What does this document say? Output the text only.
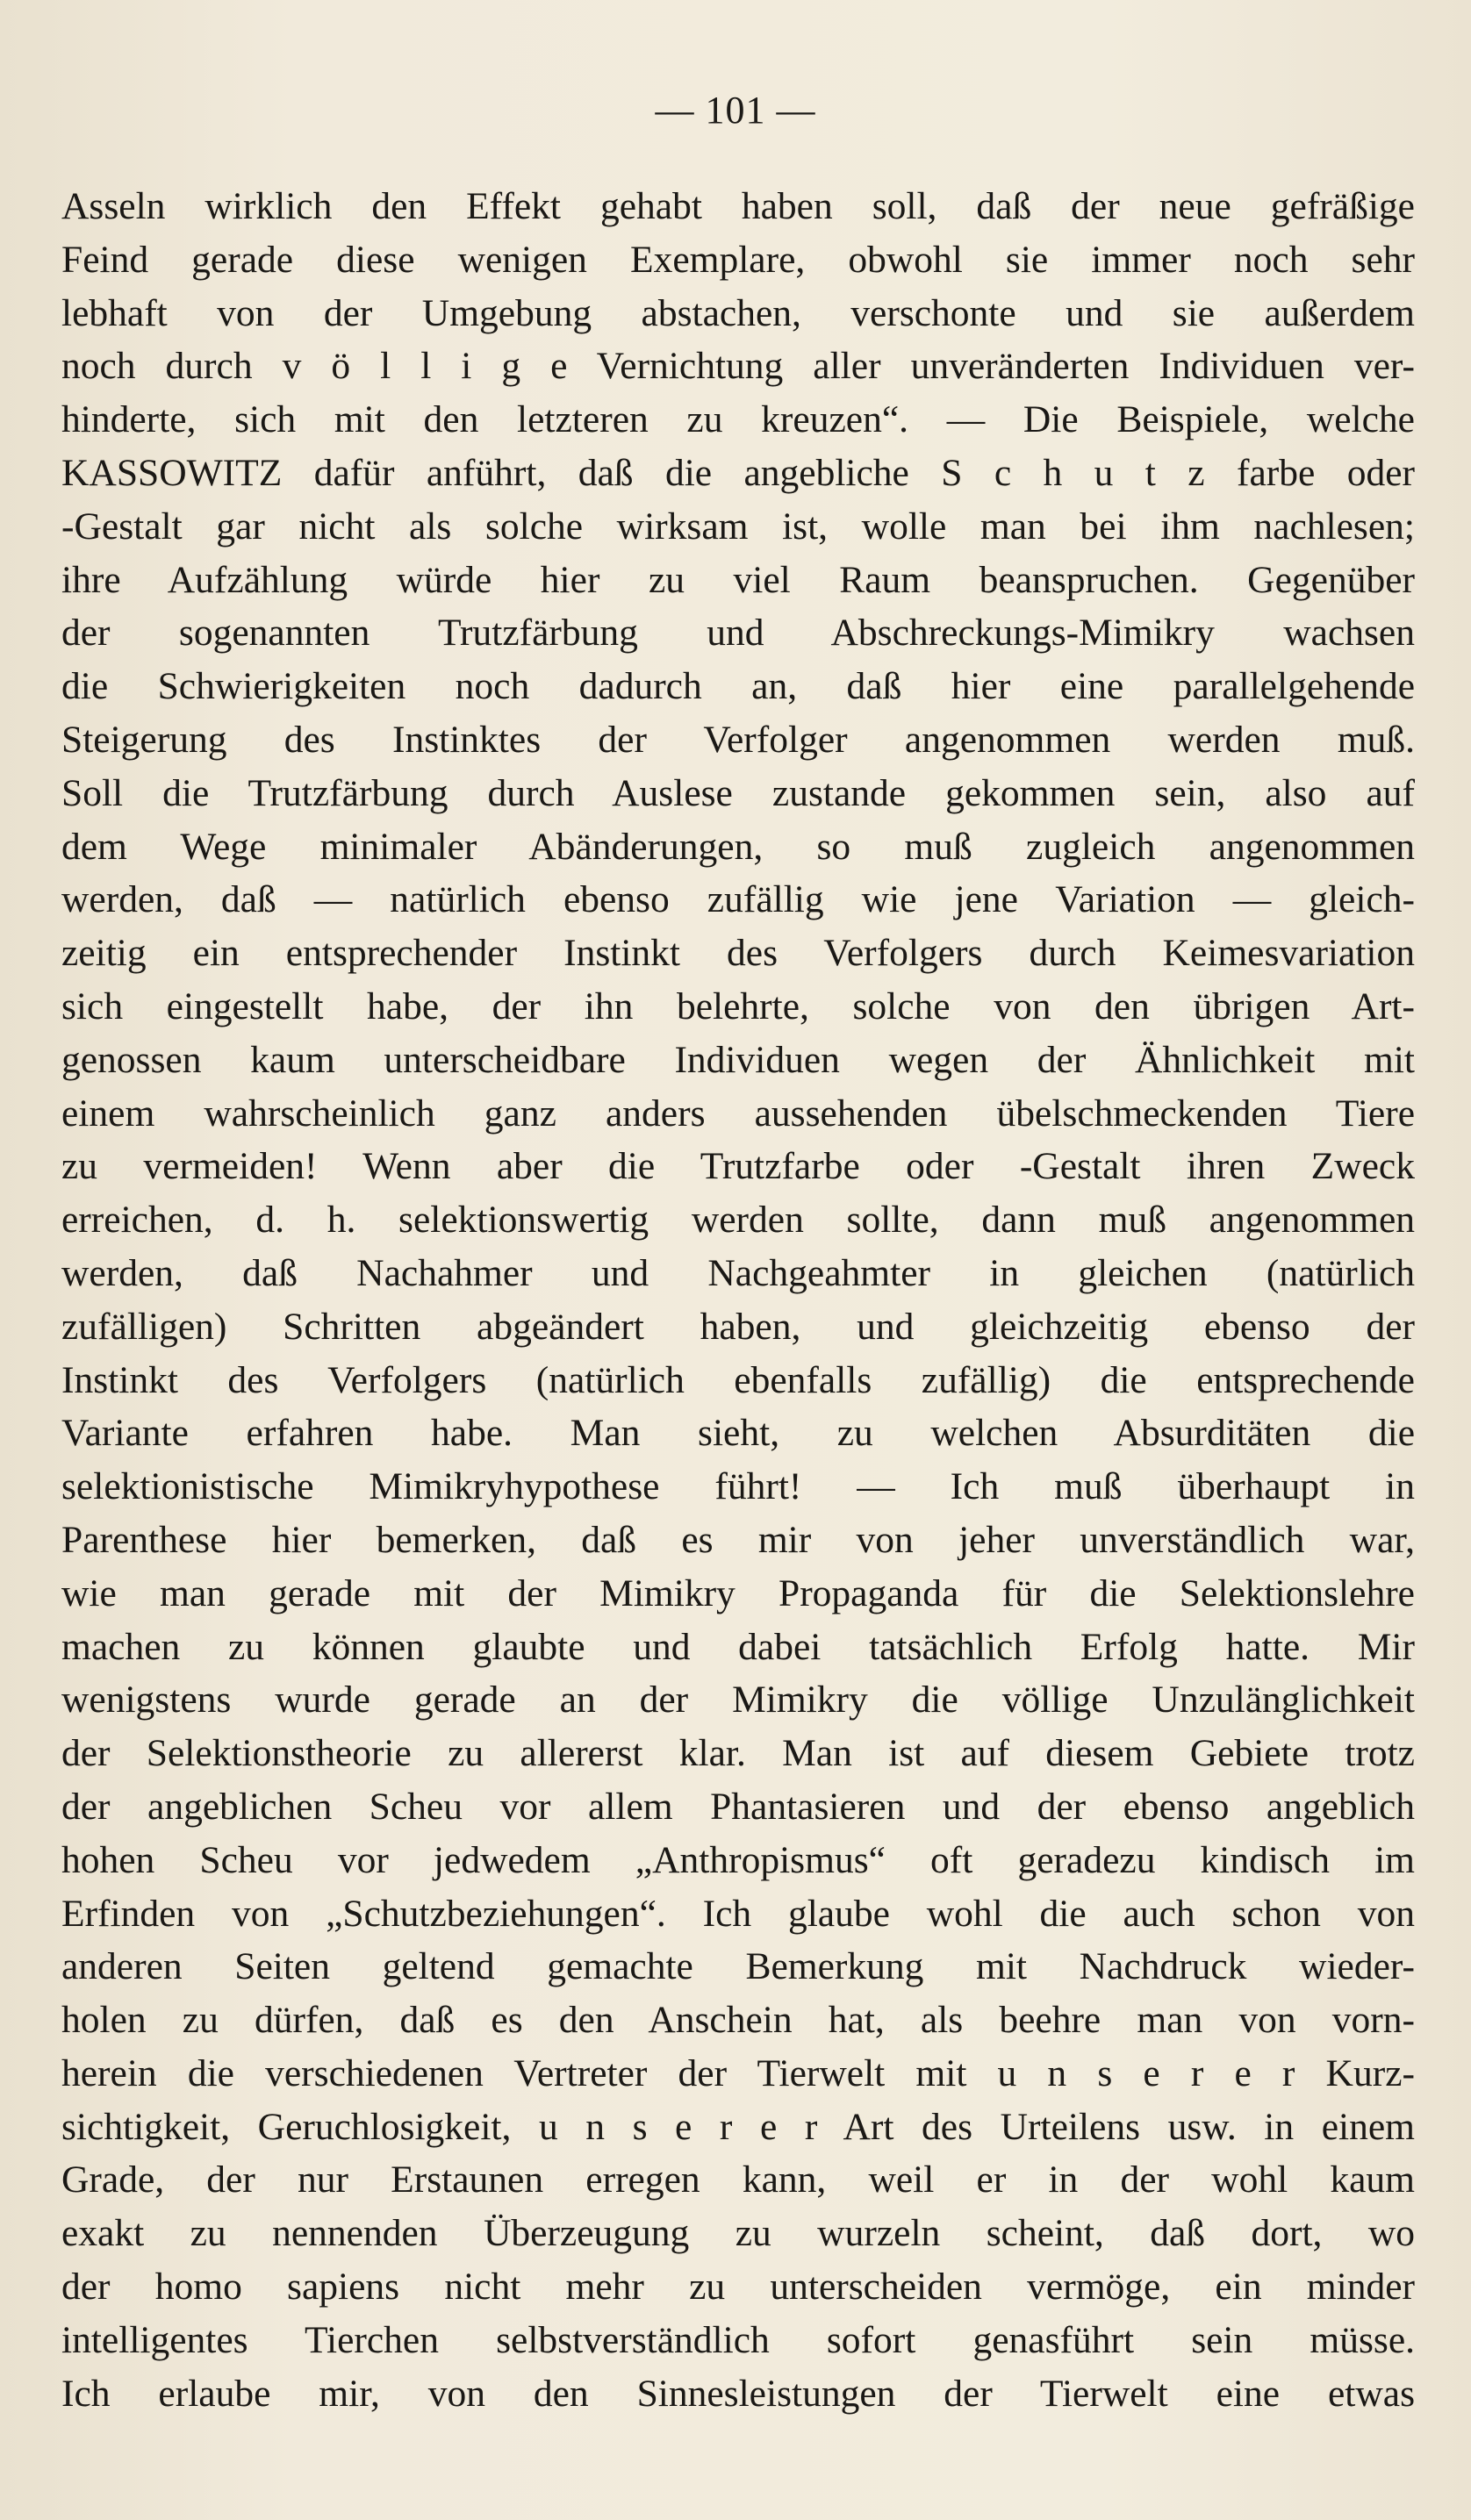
— 101 —
Asseln wirklich den Effekt gehabt haben soll, daß der neue gefräßige
Feind gerade diese wenigen Exemplare, obwohl sie immer noch sehr
lebhaft von der Umgebung abstachen, verschonte und sie außerdem
noch durch v ö l l i g e Vernichtung aller unveränderten Individuen ver-
hinderte, sich mit den letzteren zu kreuzen“. — Die Beispiele, welche
KASSOWITZ dafür anführt, daß die angebliche S c h u t z farbe oder
-Gestalt gar nicht als solche wirksam ist, wolle man bei ihm nachlesen;
ihre Aufzählung würde hier zu viel Raum beanspruchen. Gegenüber
der sogenannten Trutzfärbung und Abschreckungs-Mimikry wachsen
die Schwierigkeiten noch dadurch an, daß hier eine parallelgehende
Steigerung des Instinktes der Verfolger angenommen werden muß.
Soll die Trutzfärbung durch Auslese zustande gekommen sein, also auf
dem Wege minimaler Abänderungen, so muß zugleich angenommen
werden, daß — natürlich ebenso zufällig wie jene Variation — gleich-
zeitig ein entsprechender Instinkt des Verfolgers durch Keimesvariation
sich eingestellt habe, der ihn belehrte, solche von den übrigen Art-
genossen kaum unterscheidbare Individuen wegen der Ähnlichkeit mit
einem wahrscheinlich ganz anders aussehenden übelschmeckenden Tiere
zu vermeiden! Wenn aber die Trutzfarbe oder -Gestalt ihren Zweck
erreichen, d. h. selektionswertig werden sollte, dann muß angenommen
werden, daß Nachahmer und Nachgeahmter in gleichen (natürlich
zufälligen) Schritten abgeändert haben, und gleichzeitig ebenso der
Instinkt des Verfolgers (natürlich ebenfalls zufällig) die entsprechende
Variante erfahren habe. Man sieht, zu welchen Absurditäten die
selektionistische Mimikryhypothese führt! — Ich muß überhaupt in
Parenthese hier bemerken, daß es mir von jeher unverständlich war,
wie man gerade mit der Mimikry Propaganda für die Selektionslehre
machen zu können glaubte und dabei tatsächlich Erfolg hatte. Mir
wenigstens wurde gerade an der Mimikry die völlige Unzulänglichkeit
der Selektionstheorie zu allererst klar. Man ist auf diesem Gebiete trotz
der angeblichen Scheu vor allem Phantasieren und der ebenso angeblich
hohen Scheu vor jedwedem „Anthropismus“ oft geradezu kindisch im
Erfinden von „Schutzbeziehungen“. Ich glaube wohl die auch schon von
anderen Seiten geltend gemachte Bemerkung mit Nachdruck wieder-
holen zu dürfen, daß es den Anschein hat, als beehre man von vorn-
herein die verschiedenen Vertreter der Tierwelt mit u n s e r e r Kurz-
sichtigkeit, Geruchlosigkeit, u n s e r e r Art des Urteilens usw. in einem
Grade, der nur Erstaunen erregen kann, weil er in der wohl kaum
exakt zu nennenden Überzeugung zu wurzeln scheint, daß dort, wo
der homo sapiens nicht mehr zu unterscheiden vermöge, ein minder
intelligentes Tierchen selbstverständlich sofort genasführt sein müsse.
Ich erlaube mir, von den Sinnesleistungen der Tierwelt eine etwas
